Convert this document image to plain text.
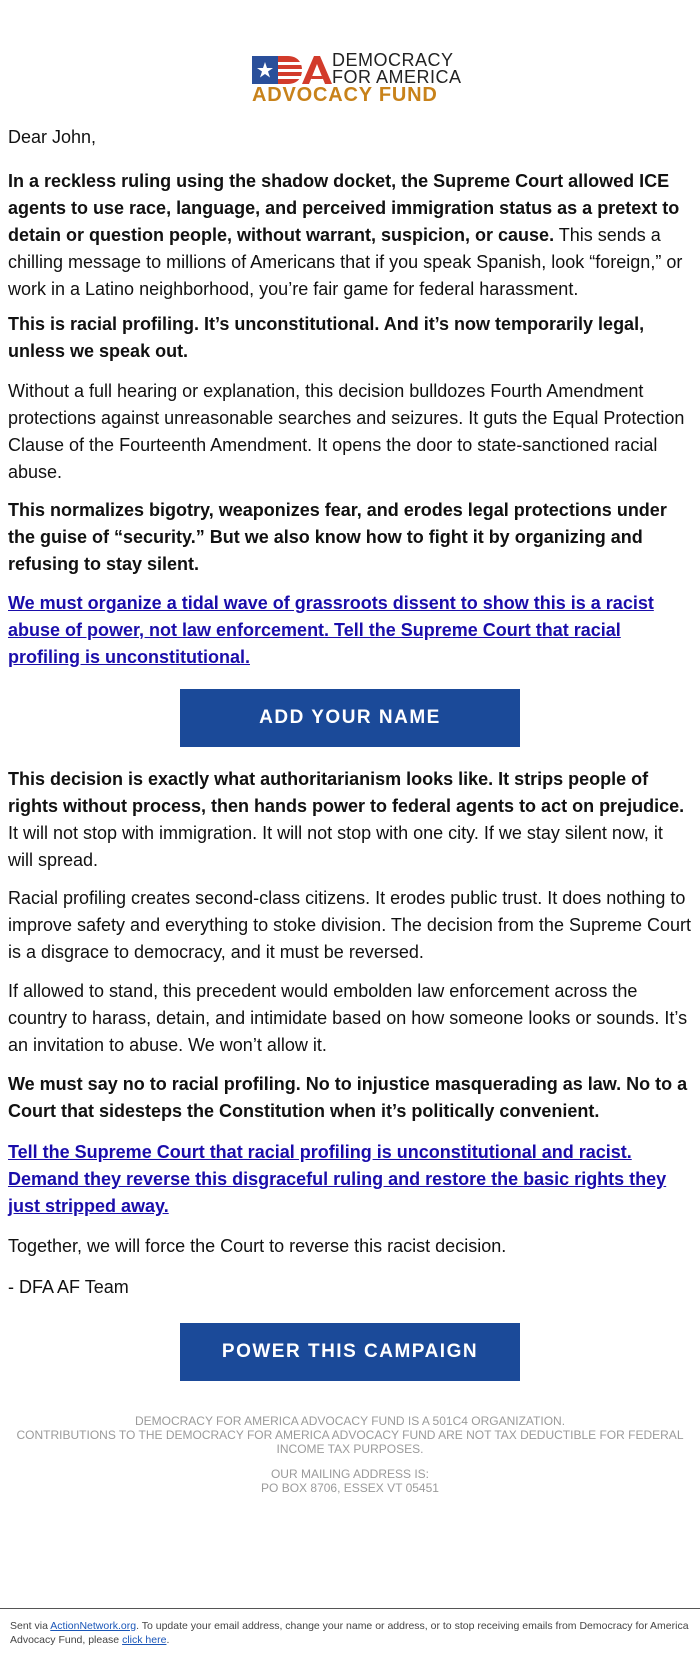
DEMOCRACY
FOR AMERICA
ADVOCACY FUND

Dear John,

In a reckless ruling using the shadow docket, the Supreme Court allowed ICE agents to use race, language, and perceived immigration status as a pretext to detain or question people, without warrant, suspicion, or cause. This sends a chilling message to millions of Americans that if you speak Spanish, look “foreign,” or work in a Latino neighborhood, you’re fair game for federal harassment.

This is racial profiling. It’s unconstitutional. And it’s now temporarily legal, unless we speak out.

Without a full hearing or explanation, this decision bulldozes Fourth Amendment protections against unreasonable searches and seizures. It guts the Equal Protection Clause of the Fourteenth Amendment. It opens the door to state-sanctioned racial abuse.

This normalizes bigotry, weaponizes fear, and erodes legal protections under the guise of “security.” But we also know how to fight it by organizing and refusing to stay silent.

We must organize a tidal wave of grassroots dissent to show this is a racist abuse of power, not law enforcement. Tell the Supreme Court that racial profiling is unconstitutional.

ADD YOUR NAME

This decision is exactly what authoritarianism looks like. It strips people of rights without process, then hands power to federal agents to act on prejudice. It will not stop with immigration. It will not stop with one city. If we stay silent now, it will spread.

Racial profiling creates second-class citizens. It erodes public trust. It does nothing to improve safety and everything to stoke division. The decision from the Supreme Court is a disgrace to democracy, and it must be reversed.

If allowed to stand, this precedent would embolden law enforcement across the country to harass, detain, and intimidate based on how someone looks or sounds. It’s an invitation to abuse. We won’t allow it.

We must say no to racial profiling. No to injustice masquerading as law. No to a Court that sidesteps the Constitution when it’s politically convenient.

Tell the Supreme Court that racial profiling is unconstitutional and racist. Demand they reverse this disgraceful ruling and restore the basic rights they just stripped away.

Together, we will force the Court to reverse this racist decision.

- DFA AF Team

POWER THIS CAMPAIGN
DEMOCRACY FOR AMERICA ADVOCACY FUND IS A 501C4 ORGANIZATION.
CONTRIBUTIONS TO THE DEMOCRACY FOR AMERICA ADVOCACY FUND ARE NOT TAX DEDUCTIBLE FOR FEDERAL INCOME TAX PURPOSES.
OUR MAILING ADDRESS IS:
PO BOX 8706, ESSEX VT 05451
Sent via ActionNetwork.org. To update your email address, change your name or address, or to stop receiving emails from Democracy for America Advocacy Fund, please click here.
